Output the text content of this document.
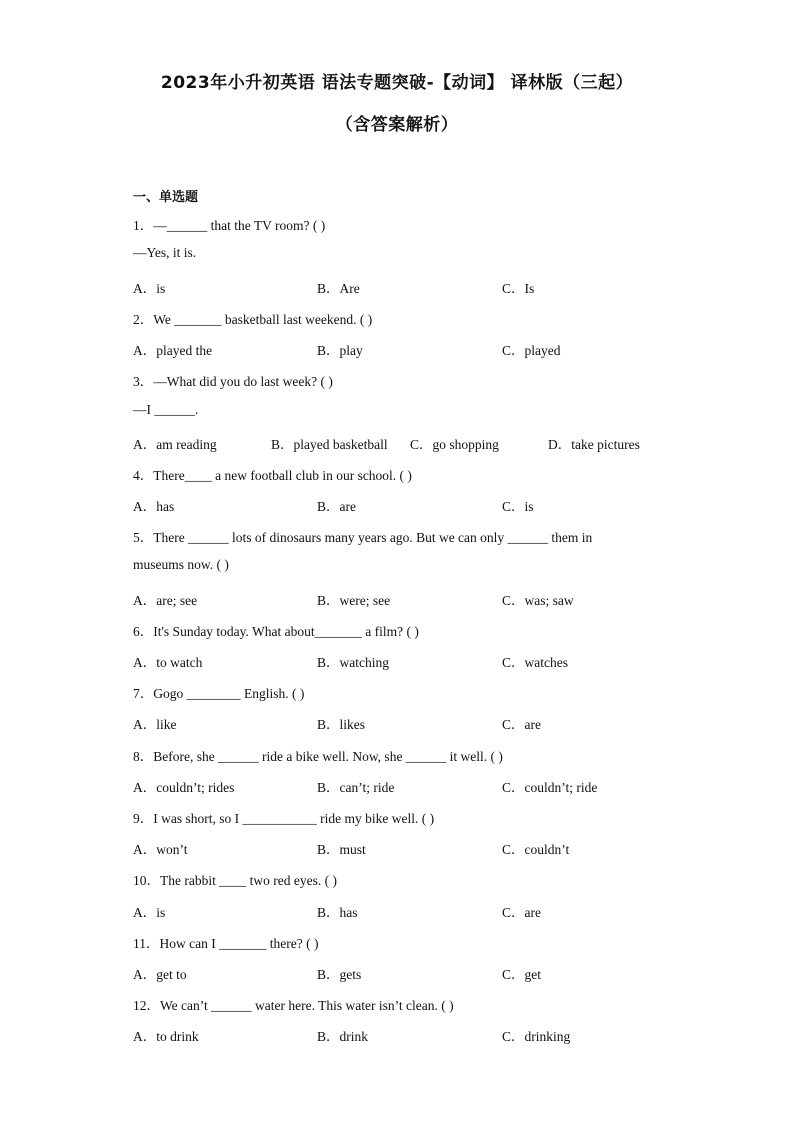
2023年小升初英语 语法专题突破-【动词】 译林版（三起）
（含答案解析）
一、单选题
1．—______ that the TV room? ( )
—Yes, it is.
A．is	B．Are	C．Is
2．We _______ basketball last weekend. ( )
A．played the	B．play	C．played
3．—What did you do last week? ( )
—I ______.
A．am reading	B．played basketball C．go shopping	D．take pictures
4．There____ a new football club in our school. ( )
A．has	B．are	C．is
5．There ______ lots of dinosaurs many years ago. But we can only ______ them in
museums now. ( )
A．are; see	B．were; see	C．was; saw
6．It's Sunday today. What about_______ a film? ( )
A．to watch	B．watching	C．watches
7．Gogo ________ English. ( )
A．like	B．likes	C．are
8．Before, she ______ ride a bike well. Now, she ______ it well. ( )
A．couldn’t; rides	B．can’t; ride	C．couldn’t; ride
9．I was short, so I ___________ ride my bike well. ( )
A．won’t	B．must	C．couldn’t
10．The rabbit ____ two red eyes. ( )
A．is	B．has	C．are
11．How can I _______ there? ( )
A．get to	B．gets	C．get
12．We can’t ______ water here. This water isn’t clean. ( )
A．to drink	B．drink	C．drinking
